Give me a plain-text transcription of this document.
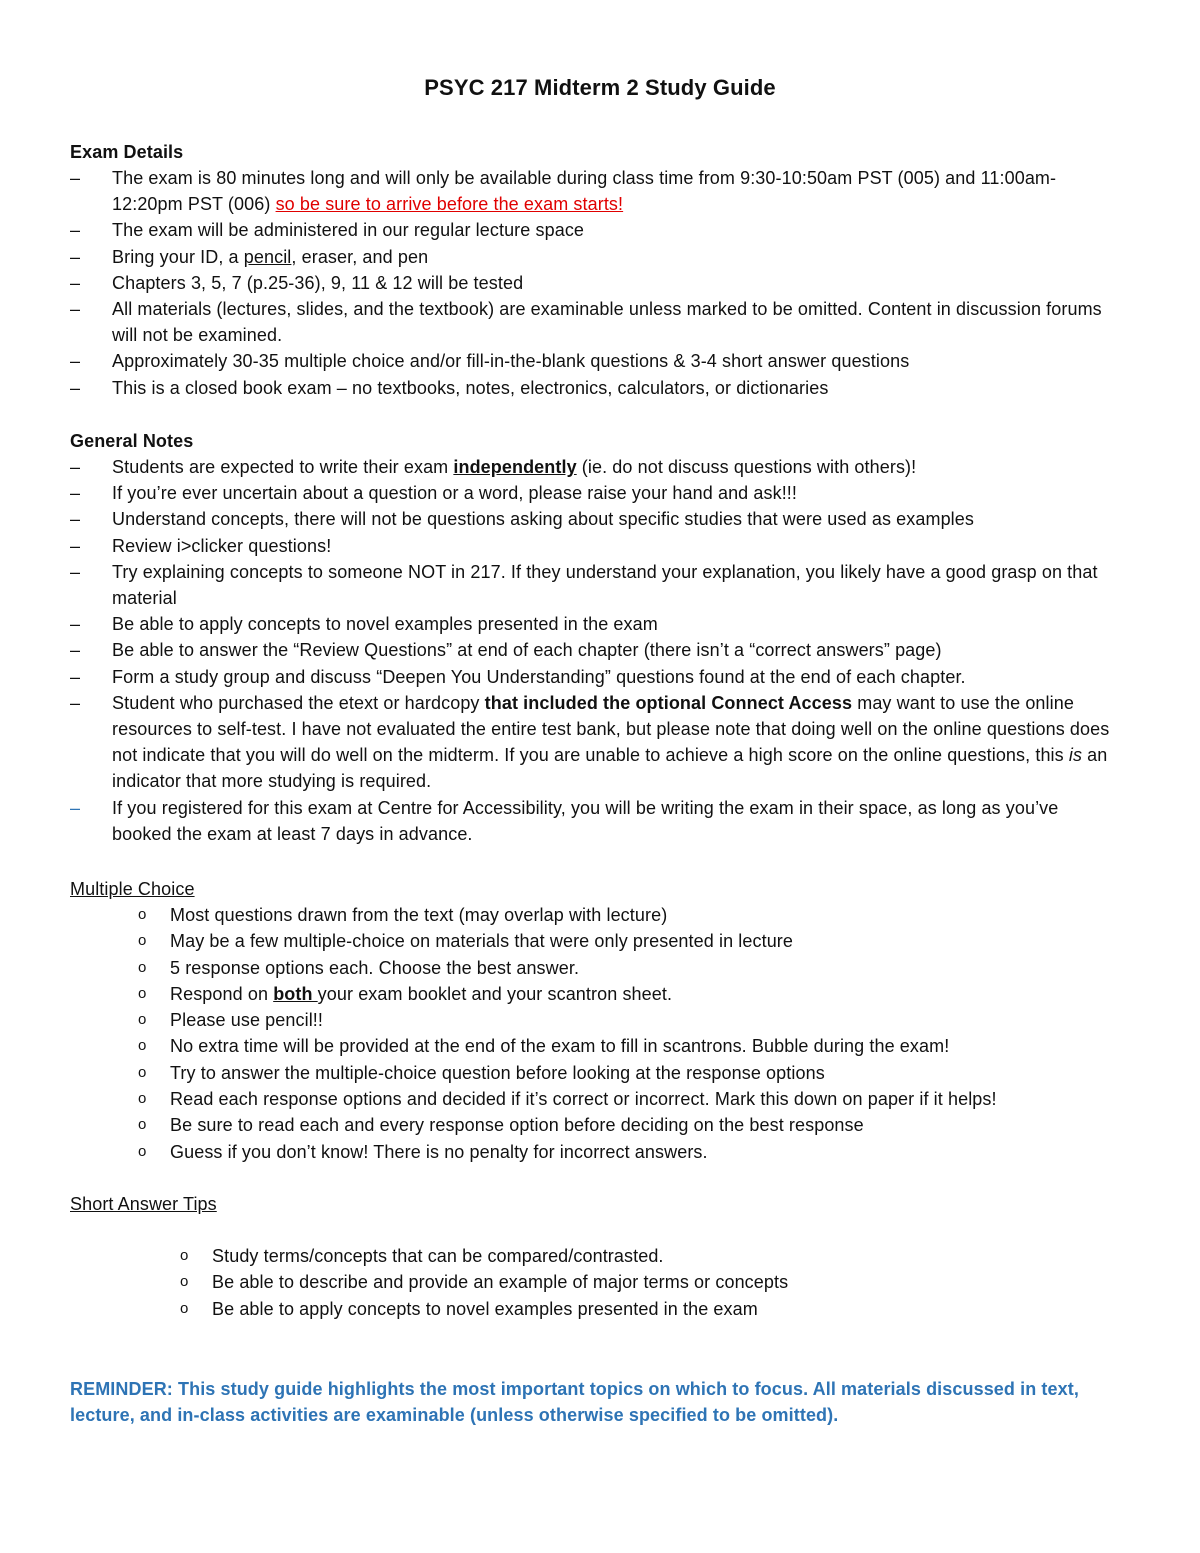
PSYC 217 Midterm 2 Study Guide
Exam Details
– The exam is 80 minutes long and will only be available during class time from 9:30-10:50am PST (005) and 11:00am-12:20pm PST (006) so be sure to arrive before the exam starts!
– The exam will be administered in our regular lecture space
– Bring your ID, a pencil, eraser, and pen
– Chapters 3, 5, 7 (p.25-36), 9, 11 & 12 will be tested
– All materials (lectures, slides, and the textbook) are examinable unless marked to be omitted. Content in discussion forums will not be examined.
– Approximately 30-35 multiple choice and/or fill-in-the-blank questions & 3-4 short answer questions
– This is a closed book exam – no textbooks, notes, electronics, calculators, or dictionaries
General Notes
– Students are expected to write their exam independently (ie. do not discuss questions with others)!
– If you’re ever uncertain about a question or a word, please raise your hand and ask!!!
– Understand concepts, there will not be questions asking about specific studies that were used as examples
– Review i>clicker questions!
– Try explaining concepts to someone NOT in 217. If they understand your explanation, you likely have a good grasp on that material
– Be able to apply concepts to novel examples presented in the exam
– Be able to answer the “Review Questions” at end of each chapter (there isn’t a “correct answers” page)
– Form a study group and discuss “Deepen You Understanding” questions found at the end of each chapter.
– Student who purchased the etext or hardcopy that included the optional Connect Access may want to use the online resources to self-test. I have not evaluated the entire test bank, but please note that doing well on the online questions does not indicate that you will do well on the midterm. If you are unable to achieve a high score on the online questions, this is an indicator that more studying is required.
– If you registered for this exam at Centre for Accessibility, you will be writing the exam in their space, as long as you’ve booked the exam at least 7 days in advance.
Multiple Choice
o Most questions drawn from the text (may overlap with lecture)
o May be a few multiple-choice on materials that were only presented in lecture
o 5 response options each. Choose the best answer.
o Respond on both your exam booklet and your scantron sheet.
o Please use pencil!!
o No extra time will be provided at the end of the exam to fill in scantrons. Bubble during the exam!
o Try to answer the multiple-choice question before looking at the response options
o Read each response options and decided if it’s correct or incorrect. Mark this down on paper if it helps!
o Be sure to read each and every response option before deciding on the best response
o Guess if you don’t know! There is no penalty for incorrect answers.
Short Answer Tips
o Study terms/concepts that can be compared/contrasted.
o Be able to describe and provide an example of major terms or concepts
o Be able to apply concepts to novel examples presented in the exam
REMINDER: This study guide highlights the most important topics on which to focus. All materials discussed in text, lecture, and in-class activities are examinable (unless otherwise specified to be omitted).
